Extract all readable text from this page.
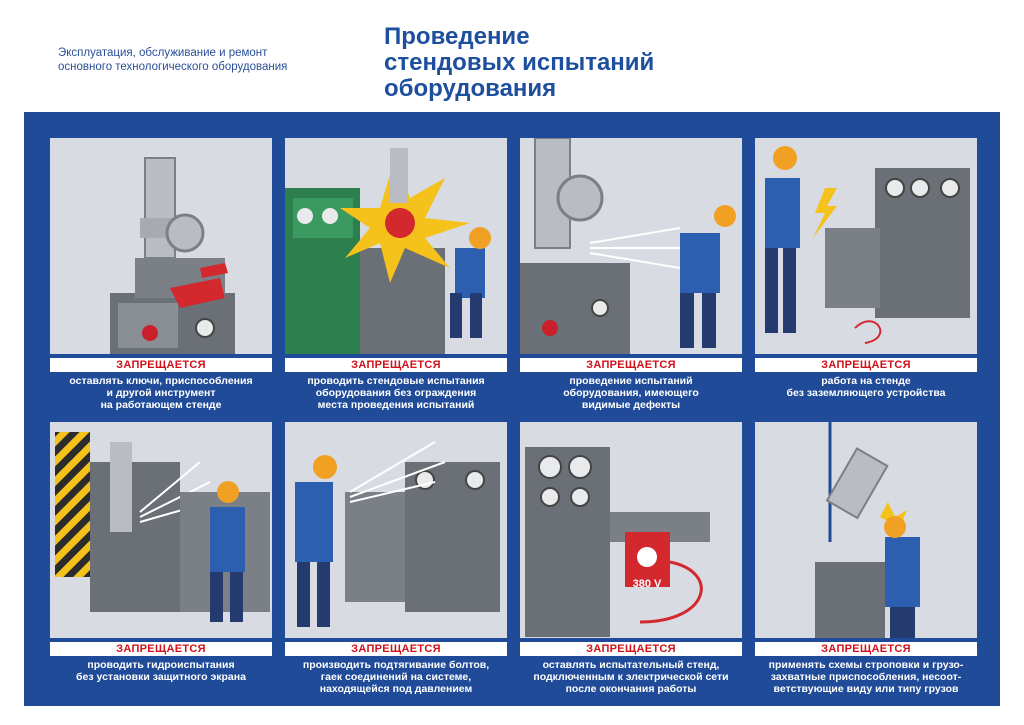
Эксплуатация, обслуживание и ремонт
основного технологического оборудования
Проведение
стендовых испытаний
оборудования
ЗАПРЕЩАЕТСЯ
оставлять ключи, приспособления
и другой инструмент
на работающем стенде
ЗАПРЕЩАЕТСЯ
проводить стендовые испытания
оборудования без ограждения
места проведения испытаний
ЗАПРЕЩАЕТСЯ
проведение испытаний
оборудования, имеющего
видимые дефекты
ЗАПРЕЩАЕТСЯ
работа на стенде
без заземляющего устройства
ЗАПРЕЩАЕТСЯ
проводить гидроиспытания
без установки защитного экрана
ЗАПРЕЩАЕТСЯ
производить подтягивание болтов,
гаек соединений на системе,
находящейся под давлением
380 V
ЗАПРЕЩАЕТСЯ
оставлять испытательный стенд,
подключенным к электрической сети
после окончания работы
ЗАПРЕЩАЕТСЯ
применять схемы строповки и грузо-
захватные приспособления, несоот-
ветствующие виду или типу грузов
